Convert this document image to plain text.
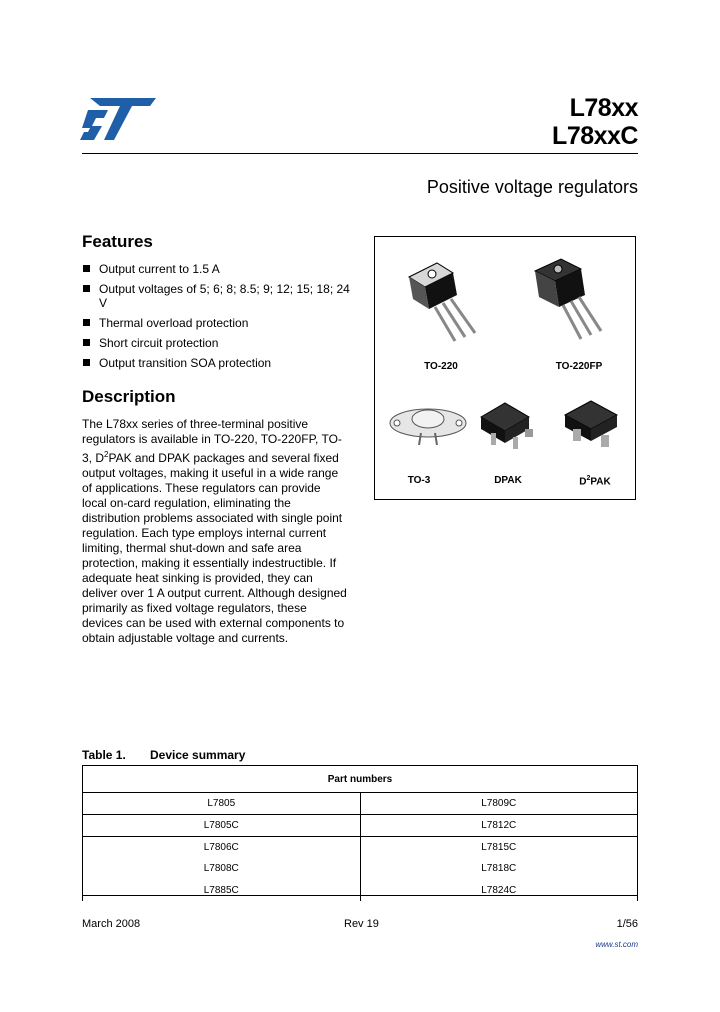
L78xx
L78xxC
Positive voltage regulators
Features
Output current to 1.5 A
Output voltages of 5; 6; 8; 8.5; 9; 12; 15; 18; 24 V
Thermal overload protection
Short circuit protection
Output transition SOA protection
Description
The L78xx series of three-terminal positive regulators is available in TO-220, TO-220FP, TO-3, $D^2PAK$ and DPAK packages and several fixed output voltages, making it useful in a wide range of applications. These regulators can provide local on-card regulation, eliminating the distribution problems associated with single point regulation. Each type employs internal current limiting, thermal shut-down and safe area protection, making it essentially indestructible. If adequate heat sinking is provided, they can deliver over 1 A output current. Although designed primarily as fixed voltage regulators, these devices can be used with external components to obtain adjustable voltage and currents.
TO-220	TO-220FP
TO-3	DPAK	$D^2PAK$
Table 1. Device summary
Part numbers	
L7805	L7809C
L7805C	L7812C
L7806C	L7815C
L7808C	L7818C
L7885C	L7824C
March 2008	Rev 19	1/56
www.st.com
